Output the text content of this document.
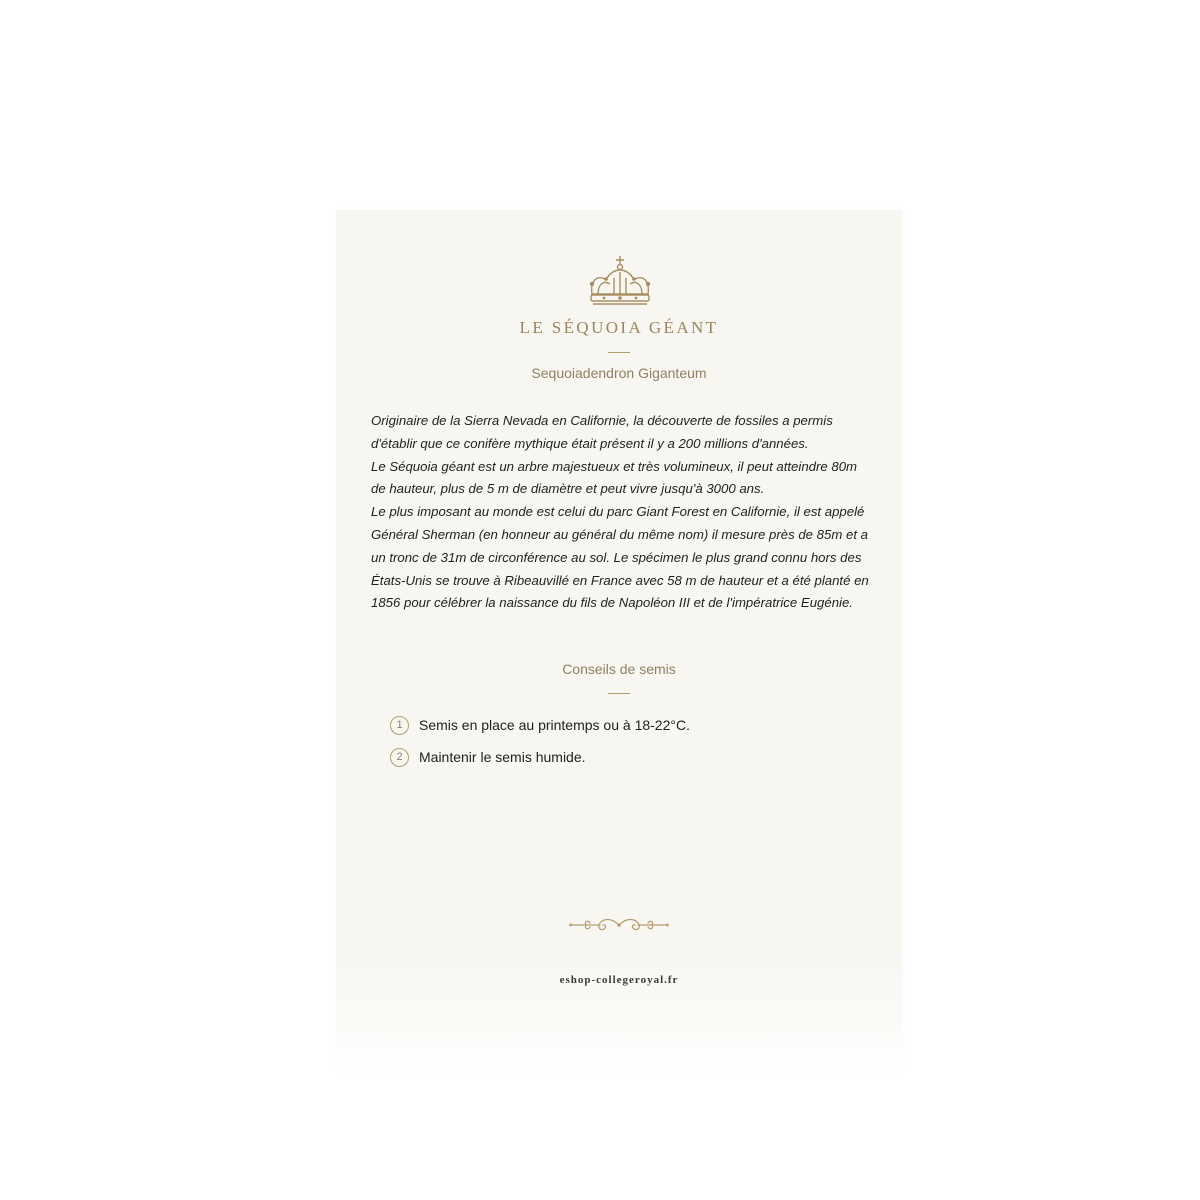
LE SÉQUOIA GÉANT
Sequoiadendron Giganteum

Originaire de la Sierra Nevada en Californie, la découverte de fossiles a permis d'établir que ce conifère mythique était présent il y a 200 millions d'années.

Le Séquoia géant est un arbre majestueux et très volumineux, il peut atteindre 80m de hauteur, plus de 5 m de diamètre et peut vivre jusqu'à 3000 ans.

Le plus imposant au monde est celui du parc Giant Forest en Californie, il est appelé Général Sherman (en honneur au général du même nom) il mesure près de 85m et a un tronc de 31m de circonférence au sol. Le spécimen le plus grand connu hors des États-Unis se trouve à Ribeauvillé en France avec 58 m de hauteur et a été planté en 1856 pour célébrer la naissance du fils de Napoléon III et de l'impératrice Eugénie.

Conseils de semis
1	Semis en place au printemps ou à 18-22°C.
2	Maintenir le semis humide.
eshop-collegeroyal.fr
